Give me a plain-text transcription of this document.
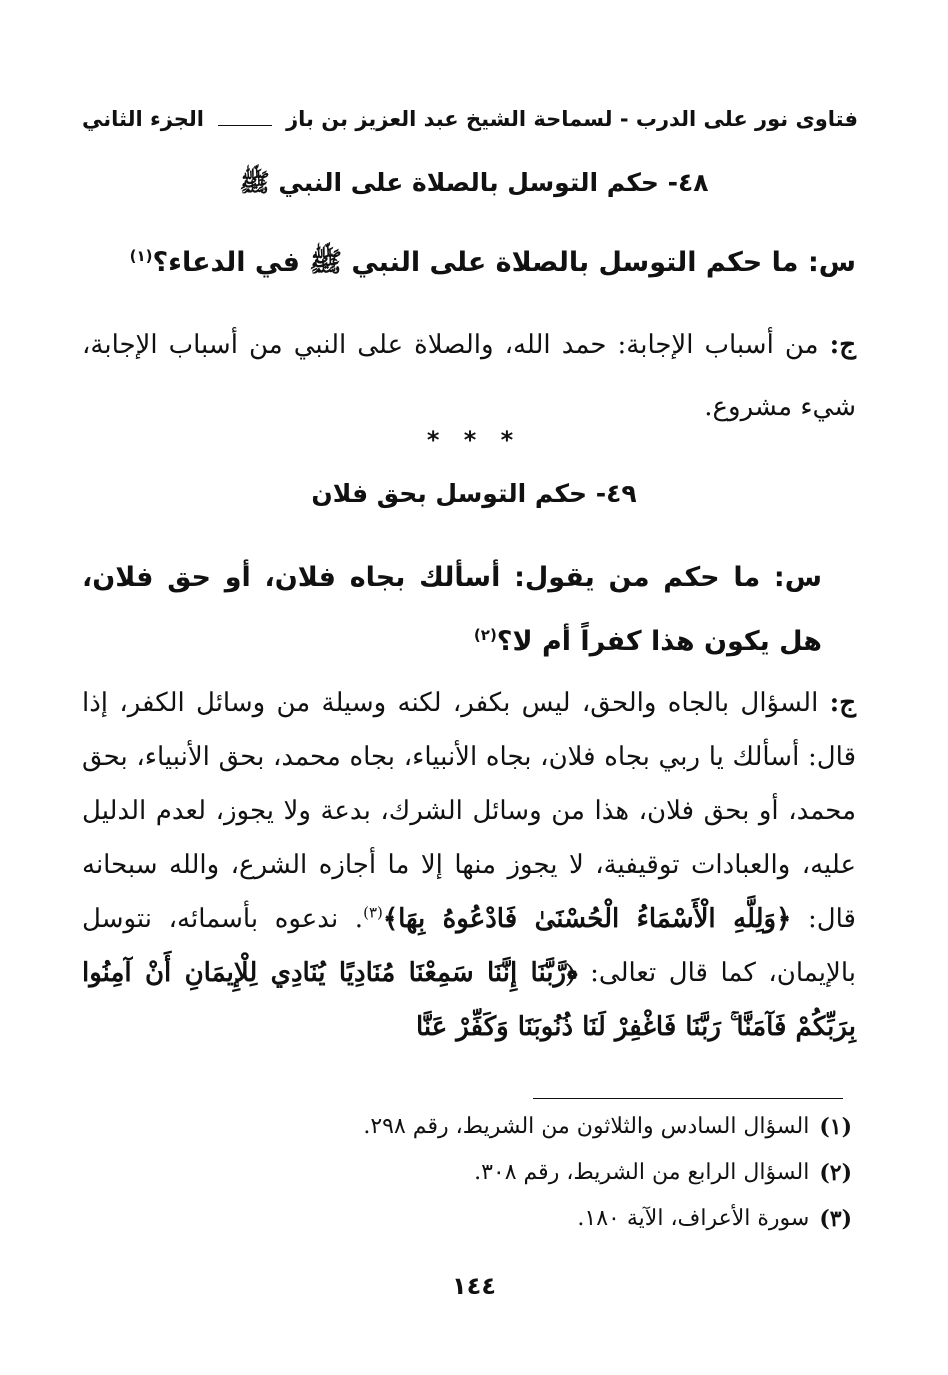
فتاوى نور على الدرب - لسماحة الشيخ عبد العزيز بن باز
الجزء الثاني
٤٨- حكم التوسل بالصلاة على النبي ﷺ
س: ما حكم التوسل بالصلاة على النبي ﷺ في الدعاء؟$^{(١)}$
ج: من أسباب الإجابة: حمد الله، والصلاة على النبي من أسباب الإجابة، شيء مشروع.
* * *
٤٩- حكم التوسل بحق فلان
س: ما حكم من يقول: أسألك بجاه فلان، أو حق فلان، هل يكون هذا كفراً أم لا؟$^{(٢)}$
ج: السؤال بالجاه والحق، ليس بكفر، لكنه وسيلة من وسائل الكفر، إذا قال: أسألك يا ربي بجاه فلان، بجاه الأنبياء، بجاه محمد، بحق الأنبياء، بحق محمد، أو بحق فلان، هذا من وسائل الشرك، بدعة ولا يجوز، لعدم الدليل عليه، والعبادات توقيفية، لا يجوز منها إلا ما أجازه الشرع، والله سبحانه قال: ﴿وَلِلَّهِ الْأَسْمَاءُ الْحُسْنَىٰ فَادْعُوهُ بِهَا﴾$^{(٣)}$. ندعوه بأسمائه، نتوسل بالإيمان، كما قال تعالى: ﴿رَّبَّنَا إِنَّنَا سَمِعْنَا مُنَادِيًا يُنَادِي لِلْإِيمَانِ أَنْ آمِنُوا بِرَبِّكُمْ فَآمَنَّا ۚ رَبَّنَا فَاغْفِرْ لَنَا ذُنُوبَنَا وَكَفِّرْ عَنَّا
(١)
السؤال السادس والثلاثون من الشريط، رقم ٢٩٨.
(٢)
السؤال الرابع من الشريط، رقم ٣٠٨.
(٣)
سورة الأعراف، الآية ١٨٠.
١٤٤
